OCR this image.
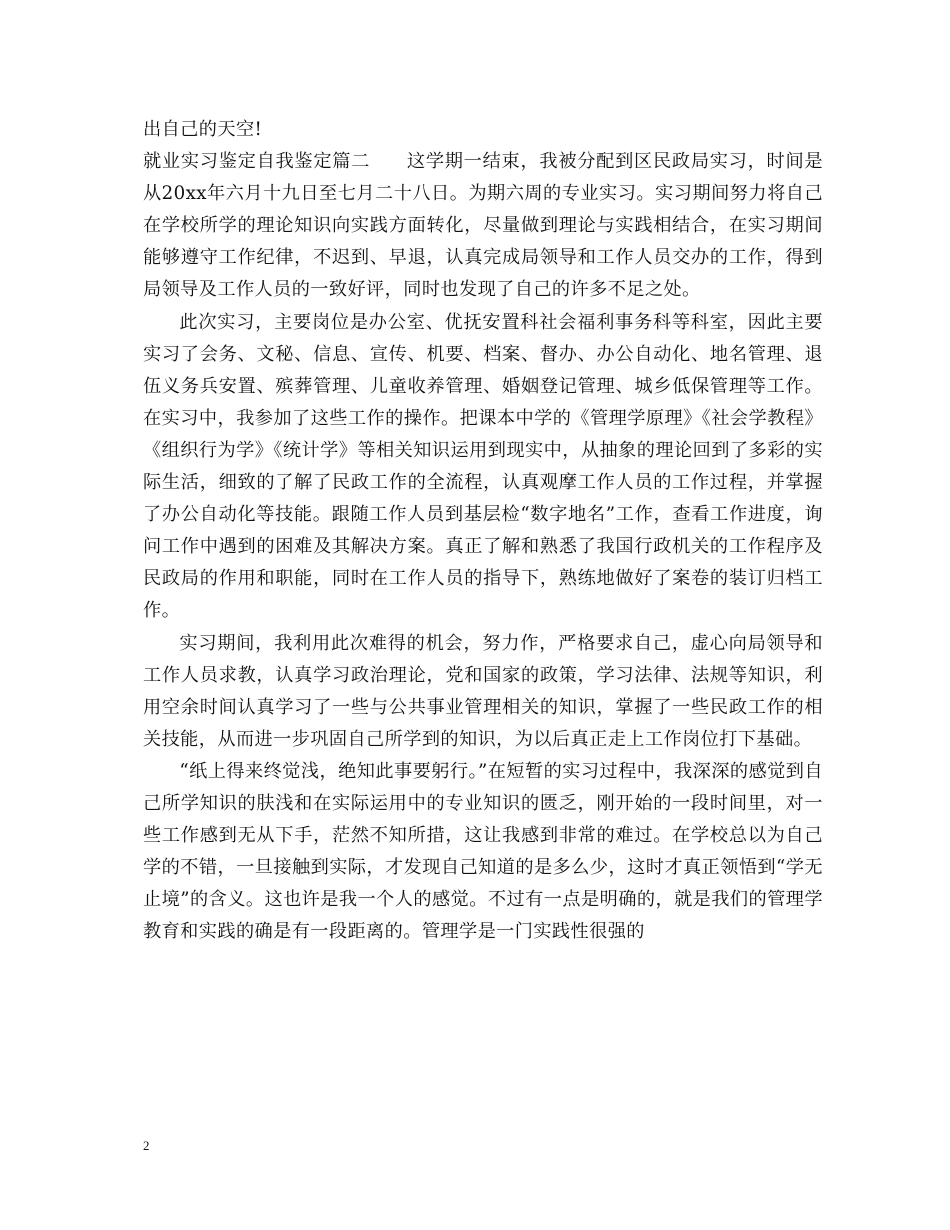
出自己的天空!

就业实习鉴定自我鉴定篇二 这学期一结束，我被分配到区民政局实习，时间是从20xx年六月十九日至七月二十八日。为期六周的专业实习。实习期间努力将自己在学校所学的理论知识向实践方面转化，尽量做到理论与实践相结合，在实习期间能够遵守工作纪律，不迟到、早退，认真完成局领导和工作人员交办的工作，得到局领导及工作人员的一致好评，同时也发现了自己的许多不足之处。

此次实习，主要岗位是办公室、优抚安置科社会福利事务科等科室，因此主要实习了会务、文秘、信息、宣传、机要、档案、督办、办公自动化、地名管理、退伍义务兵安置、殡葬管理、儿童收养管理、婚姻登记管理、城乡低保管理等工作。在实习中，我参加了这些工作的操作。把课本中学的《管理学原理》《社会学教程》《组织行为学》《统计学》等相关知识运用到现实中，从抽象的理论回到了多彩的实际生活，细致的了解了民政工作的全流程，认真观摩工作人员的工作过程，并掌握了办公自动化等技能。跟随工作人员到基层检“数字地名”工作，查看工作进度，询问工作中遇到的困难及其解决方案。真正了解和熟悉了我国行政机关的工作程序及民政局的作用和职能，同时在工作人员的指导下，熟练地做好了案卷的装订归档工作。

实习期间，我利用此次难得的机会，努力作，严格要求自己，虚心向局领导和工作人员求教，认真学习政治理论，党和国家的政策，学习法律、法规等知识，利用空余时间认真学习了一些与公共事业管理相关的知识，掌握了一些民政工作的相关技能，从而进一步巩固自己所学到的知识，为以后真正走上工作岗位打下基础。

“纸上得来终觉浅，绝知此事要躬行。”在短暂的实习过程中，我深深的感觉到自己所学知识的肤浅和在实际运用中的专业知识的匮乏，刚开始的一段时间里，对一些工作感到无从下手，茫然不知所措，这让我感到非常的难过。在学校总以为自己学的不错，一旦接触到实际，才发现自己知道的是多么少，这时才真正领悟到“学无止境”的含义。这也许是我一个人的感觉。不过有一点是明确的，就是我们的管理学教育和实践的确是有一段距离的。管理学是一门实践性很强的

2
